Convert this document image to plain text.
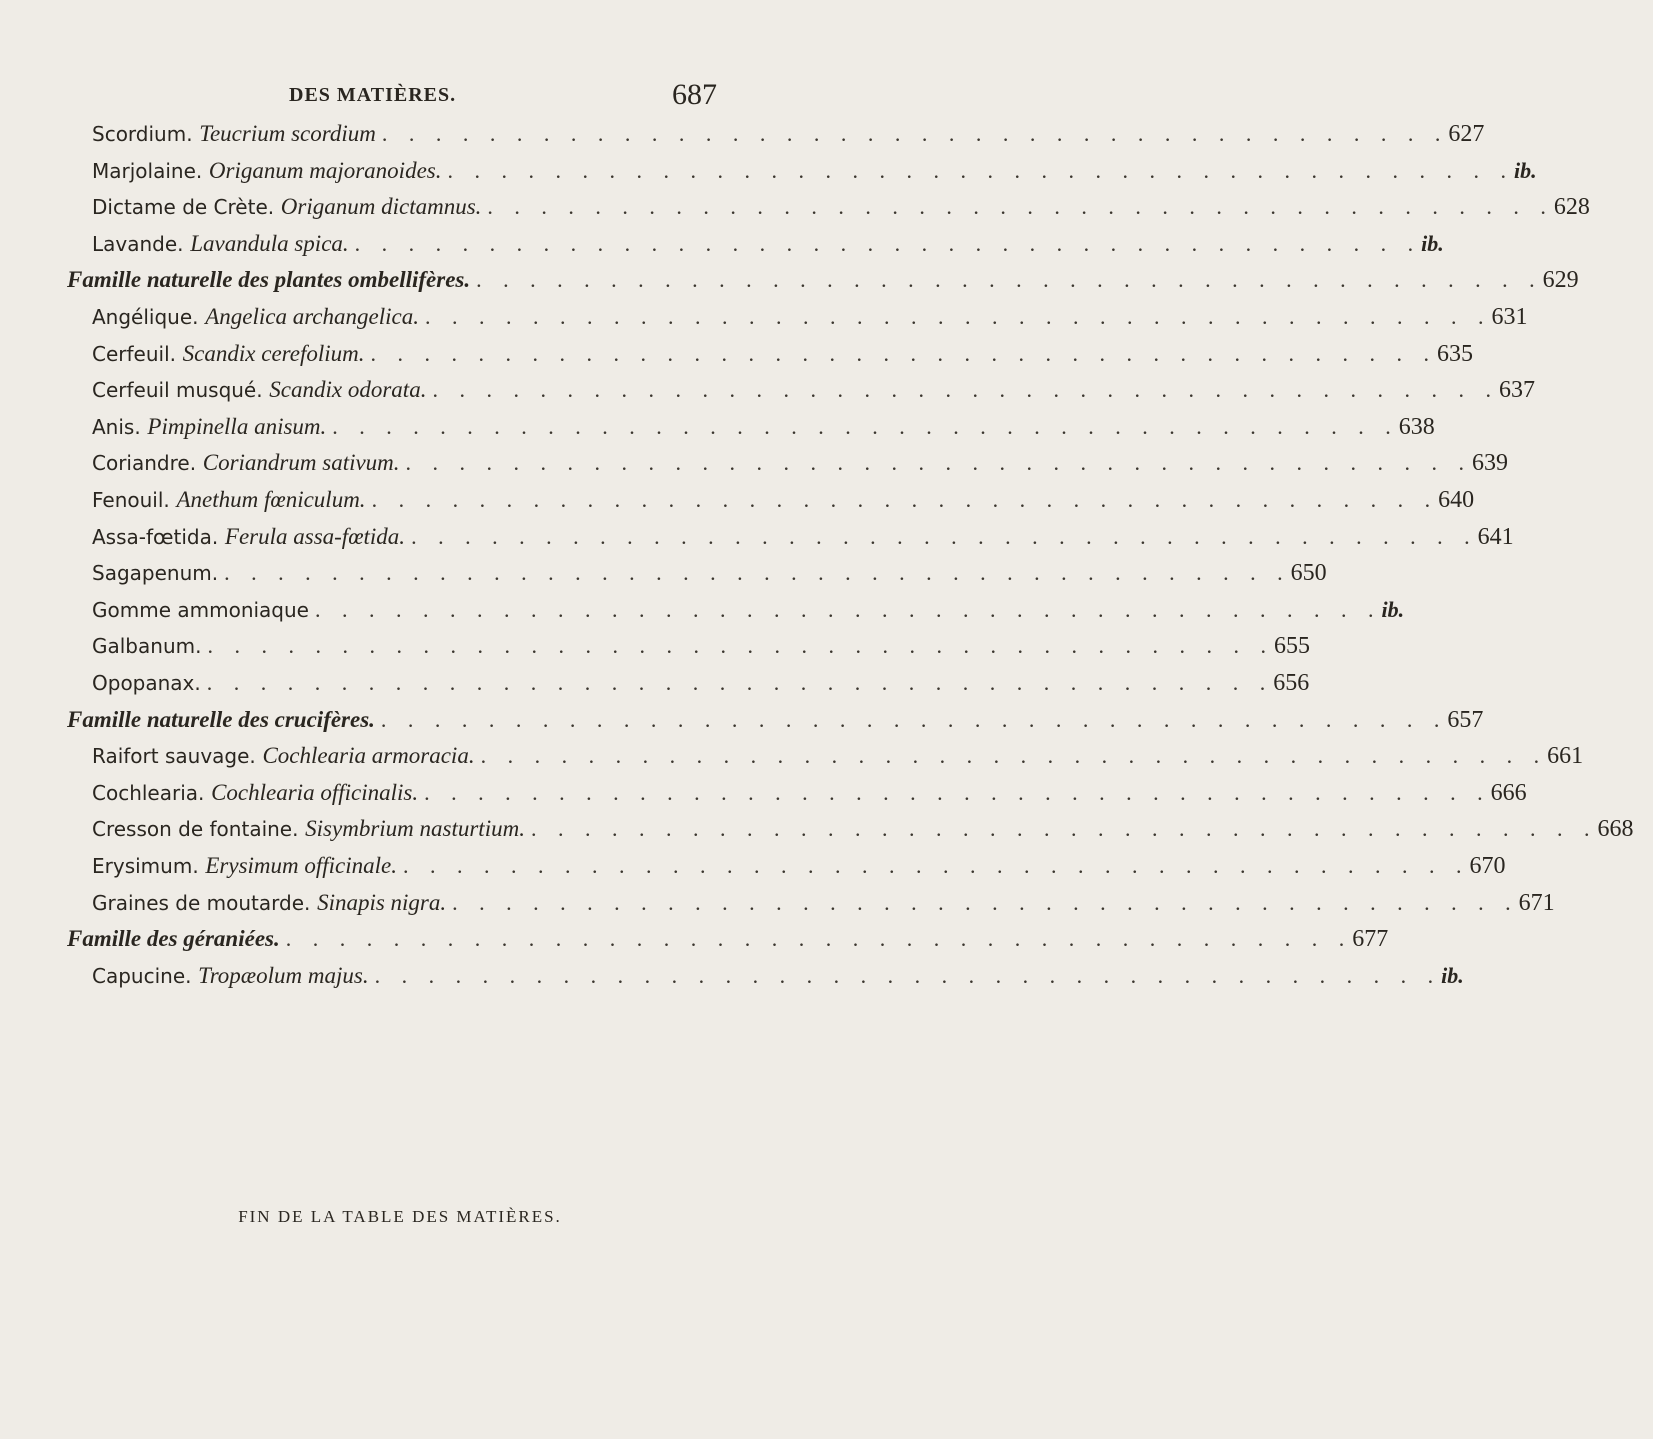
DES MATIÈRES.	687
Scordium. Teucrium scordium . . . . . . . . . . . . . . . . . . . . . . . . . . . . . . . . . . . . . . . . 627
Marjolaine. Origanum majoranoides. . . . . . . . . . . . . . . . . . . . . . . . . . . . . . . . . . . . . . . . . ib.
Dictame de Crète. Origanum dictamnus. . . . . . . . . . . . . . . . . . . . . . . . . . . . . . . . . . . . . . . . . 628
Lavande. Lavandula spica. . . . . . . . . . . . . . . . . . . . . . . . . . . . . . . . . . . . . . . . . ib.
Famille naturelle des plantes ombellifères. . . . . . . . . . . . . . . . . . . . . . . . . . . . . . . . . . . . . . . . . 629
Angélique. Angelica archangelica. . . . . . . . . . . . . . . . . . . . . . . . . . . . . . . . . . . . . . . . . 631
Cerfeuil. Scandix cerefolium. . . . . . . . . . . . . . . . . . . . . . . . . . . . . . . . . . . . . . . . . 635
Cerfeuil musqué. Scandix odorata. . . . . . . . . . . . . . . . . . . . . . . . . . . . . . . . . . . . . . . . . 637
Anis. Pimpinella anisum. . . . . . . . . . . . . . . . . . . . . . . . . . . . . . . . . . . . . . . . . 638
Coriandre. Coriandrum sativum. . . . . . . . . . . . . . . . . . . . . . . . . . . . . . . . . . . . . . . . . 639
Fenouil. Anethum fœniculum. . . . . . . . . . . . . . . . . . . . . . . . . . . . . . . . . . . . . . . . . 640
Assa-fœtida. Ferula assa-fœtida. . . . . . . . . . . . . . . . . . . . . . . . . . . . . . . . . . . . . . . . . 641
Sagapenum. . . . . . . . . . . . . . . . . . . . . . . . . . . . . . . . . . . . . . . . . 650
Gomme ammoniaque . . . . . . . . . . . . . . . . . . . . . . . . . . . . . . . . . . . . . . . . ib.
Galbanum. . . . . . . . . . . . . . . . . . . . . . . . . . . . . . . . . . . . . . . . . 655
Opopanax. . . . . . . . . . . . . . . . . . . . . . . . . . . . . . . . . . . . . . . . . 656
Famille naturelle des crucifères. . . . . . . . . . . . . . . . . . . . . . . . . . . . . . . . . . . . . . . . . 657
Raifort sauvage. Cochlearia armoracia. . . . . . . . . . . . . . . . . . . . . . . . . . . . . . . . . . . . . . . . . 661
Cochlearia. Cochlearia officinalis. . . . . . . . . . . . . . . . . . . . . . . . . . . . . . . . . . . . . . . . . 666
Cresson de fontaine. Sisymbrium nasturtium. . . . . . . . . . . . . . . . . . . . . . . . . . . . . . . . . . . . . . . . . 668
Erysimum. Erysimum officinale. . . . . . . . . . . . . . . . . . . . . . . . . . . . . . . . . . . . . . . . . 670
Graines de moutarde. Sinapis nigra. . . . . . . . . . . . . . . . . . . . . . . . . . . . . . . . . . . . . . . . . 671
Famille des géraniées. . . . . . . . . . . . . . . . . . . . . . . . . . . . . . . . . . . . . . . . . 677
Capucine. Tropæolum majus. . . . . . . . . . . . . . . . . . . . . . . . . . . . . . . . . . . . . . . . . ib.
FIN DE LA TABLE DES MATIÈRES.
